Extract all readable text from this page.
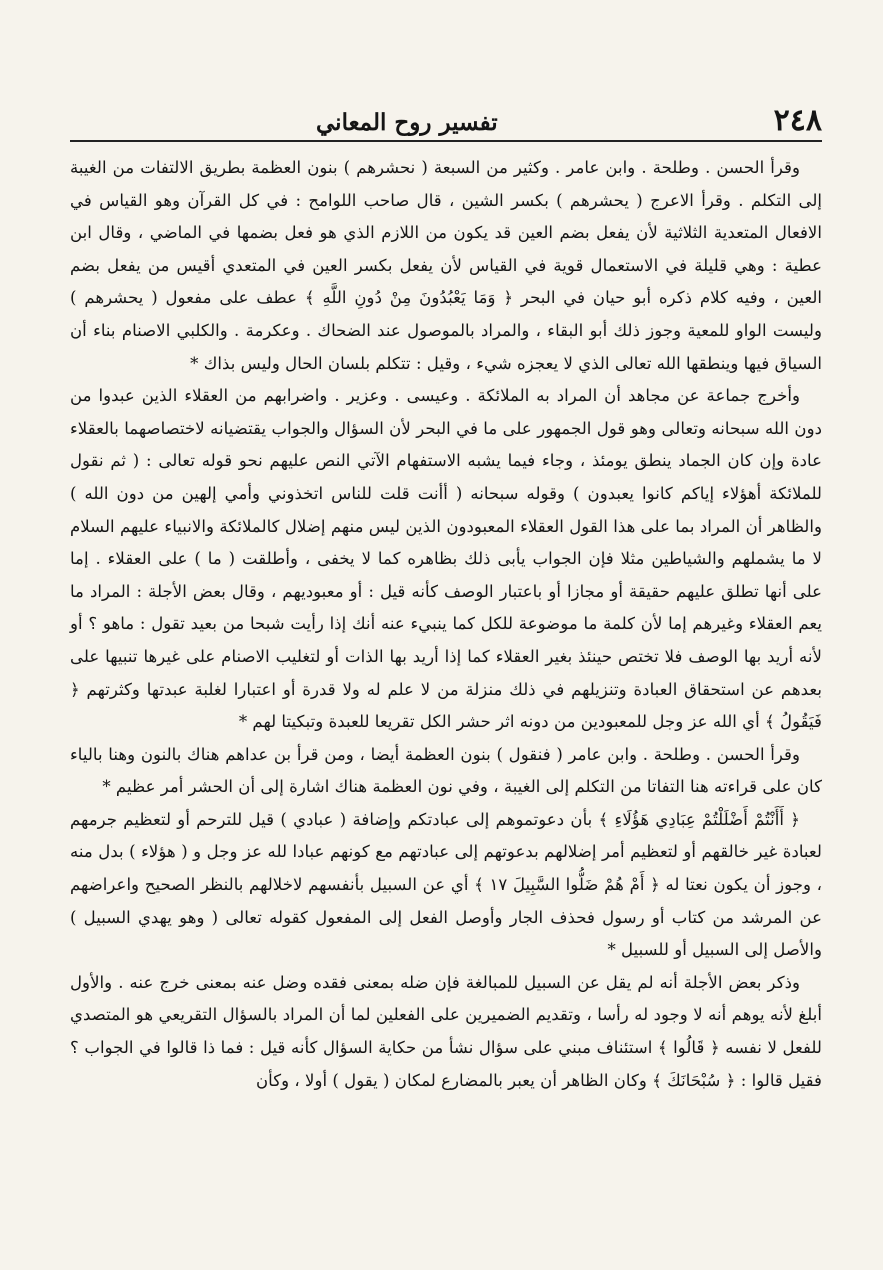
٢٤٨
تفسير روح المعاني

وقرأ الحسن . وطلحة . وابن عامر . وكثير من السبعة ( نحشرهم ) بنون العظمة بطريق الالتفات من الغيبة إلى التكلم . وقرأ الاعرج ( يحشرهم ) بكسر الشين ، قال صاحب اللوامح : في كل القرآن وهو القياس في الافعال المتعدية الثلاثية لأن يفعل بضم العين قد يكون من اللازم الذي هو فعل بضمها في الماضي ، وقال ابن عطية : وهي قليلة في الاستعمال قوية في القياس لأن يفعل بكسر العين في المتعدي أقيس من يفعل بضم العين ، وفيه كلام ذكره أبو حيان في البحر ﴿ وَمَا يَعْبُدُونَ مِنْ دُونِ اللَّهِ ﴾ عطف على مفعول ( يحشرهم ) وليست الواو للمعية وجوز ذلك أبو البقاء ، والمراد بالموصول عند الضحاك . وعكرمة . والكلبي الاصنام بناء أن السياق فيها وينطقها الله تعالى الذي لا يعجزه شيء ، وقيل : تتكلم بلسان الحال وليس بذاك *

وأخرج جماعة عن مجاهد أن المراد به الملائكة . وعيسى . وعزير . واضرابهم من العقلاء الذين عبدوا من دون الله سبحانه وتعالى وهو قول الجمهور على ما في البحر لأن السؤال والجواب يقتضيانه لاختصاصهما بالعقلاء عادة وإن كان الجماد ينطق يومئذ ، وجاء فيما يشبه الاستفهام الآتي النص عليهم نحو قوله تعالى : ( ثم نقول للملائكة أهؤلاء إياكم كانوا يعبدون ) وقوله سبحانه ( أأنت قلت للناس اتخذوني وأمي إلهين من دون الله ) والظاهر أن المراد بما على هذا القول العقلاء المعبودون الذين ليس منهم إضلال كالملائكة والانبياء عليهم السلام لا ما يشملهم والشياطين مثلا فإن الجواب يأبى ذلك بظاهره كما لا يخفى ، وأطلقت ( ما ) على العقلاء . إما على أنها تطلق عليهم حقيقة أو مجازا أو باعتبار الوصف كأنه قيل : أو معبوديهم ، وقال بعض الأجلة : المراد ما يعم العقلاء وغيرهم إما لأن كلمة ما موضوعة للكل كما ينبيء عنه أنك إذا رأيت شبحا من بعيد تقول : ماهو ؟ أو لأنه أريد بها الوصف فلا تختص حينئذ بغير العقلاء كما إذا أريد بها الذات أو لتغليب الاصنام على غيرها تنبيها على بعدهم عن استحقاق العبادة وتنزيلهم في ذلك منزلة من لا علم له ولا قدرة أو اعتبارا لغلبة عبدتها وكثرتهم ﴿ فَيَقُولُ ﴾ أي الله عز وجل للمعبودين من دونه اثر حشر الكل تقريعا للعبدة وتبكيتا لهم *

وقرأ الحسن . وطلحة . وابن عامر ( فنقول ) بنون العظمة أيضا ، ومن قرأ بن عداهم هناك بالنون وهنا بالياء كان على قراءته هنا التفاتا من التكلم إلى الغيبة ، وفي نون العظمة هناك اشارة إلى أن الحشر أمر عظيم *

﴿ أَأَنْتُمْ أَضْلَلْتُمْ عِبَادِي هَؤُلَاءِ ﴾ بأن دعوتموهم إلى عبادتكم وإضافة ( عبادي ) قيل للترحم أو لتعظيم جرمهم لعبادة غير خالقهم أو لتعظيم أمر إضلالهم بدعوتهم إلى عبادتهم مع كونهم عبادا لله عز وجل و ( هؤلاء ) بدل منه ، وجوز أن يكون نعتا له ﴿ أَمْ هُمْ ضَلُّوا السَّبِيلَ ١٧ ﴾ أي عن السبيل بأنفسهم لاخلالهم بالنظر الصحيح واعراضهم عن المرشد من كتاب أو رسول فحذف الجار وأوصل الفعل إلى المفعول كقوله تعالى ( وهو يهدي السبيل ) والأصل إلى السبيل أو للسبيل *

وذكر بعض الأجلة أنه لم يقل عن السبيل للمبالغة فإن ضله بمعنى فقده وضل عنه بمعنى خرج عنه . والأول أبلغ لأنه يوهم أنه لا وجود له رأسا ، وتقديم الضميرين على الفعلين لما أن المراد بالسؤال التقريعي هو المتصدي للفعل لا نفسه ﴿ قَالُوا ﴾ استئناف مبني على سؤال نشأ من حكاية السؤال كأنه قيل : فما ذا قالوا في الجواب ؟ فقيل قالوا : ﴿ سُبْحَانَكَ ﴾ وكان الظاهر أن يعبر بالمضارع لمكان ( يقول ) أولا ، وكأن
